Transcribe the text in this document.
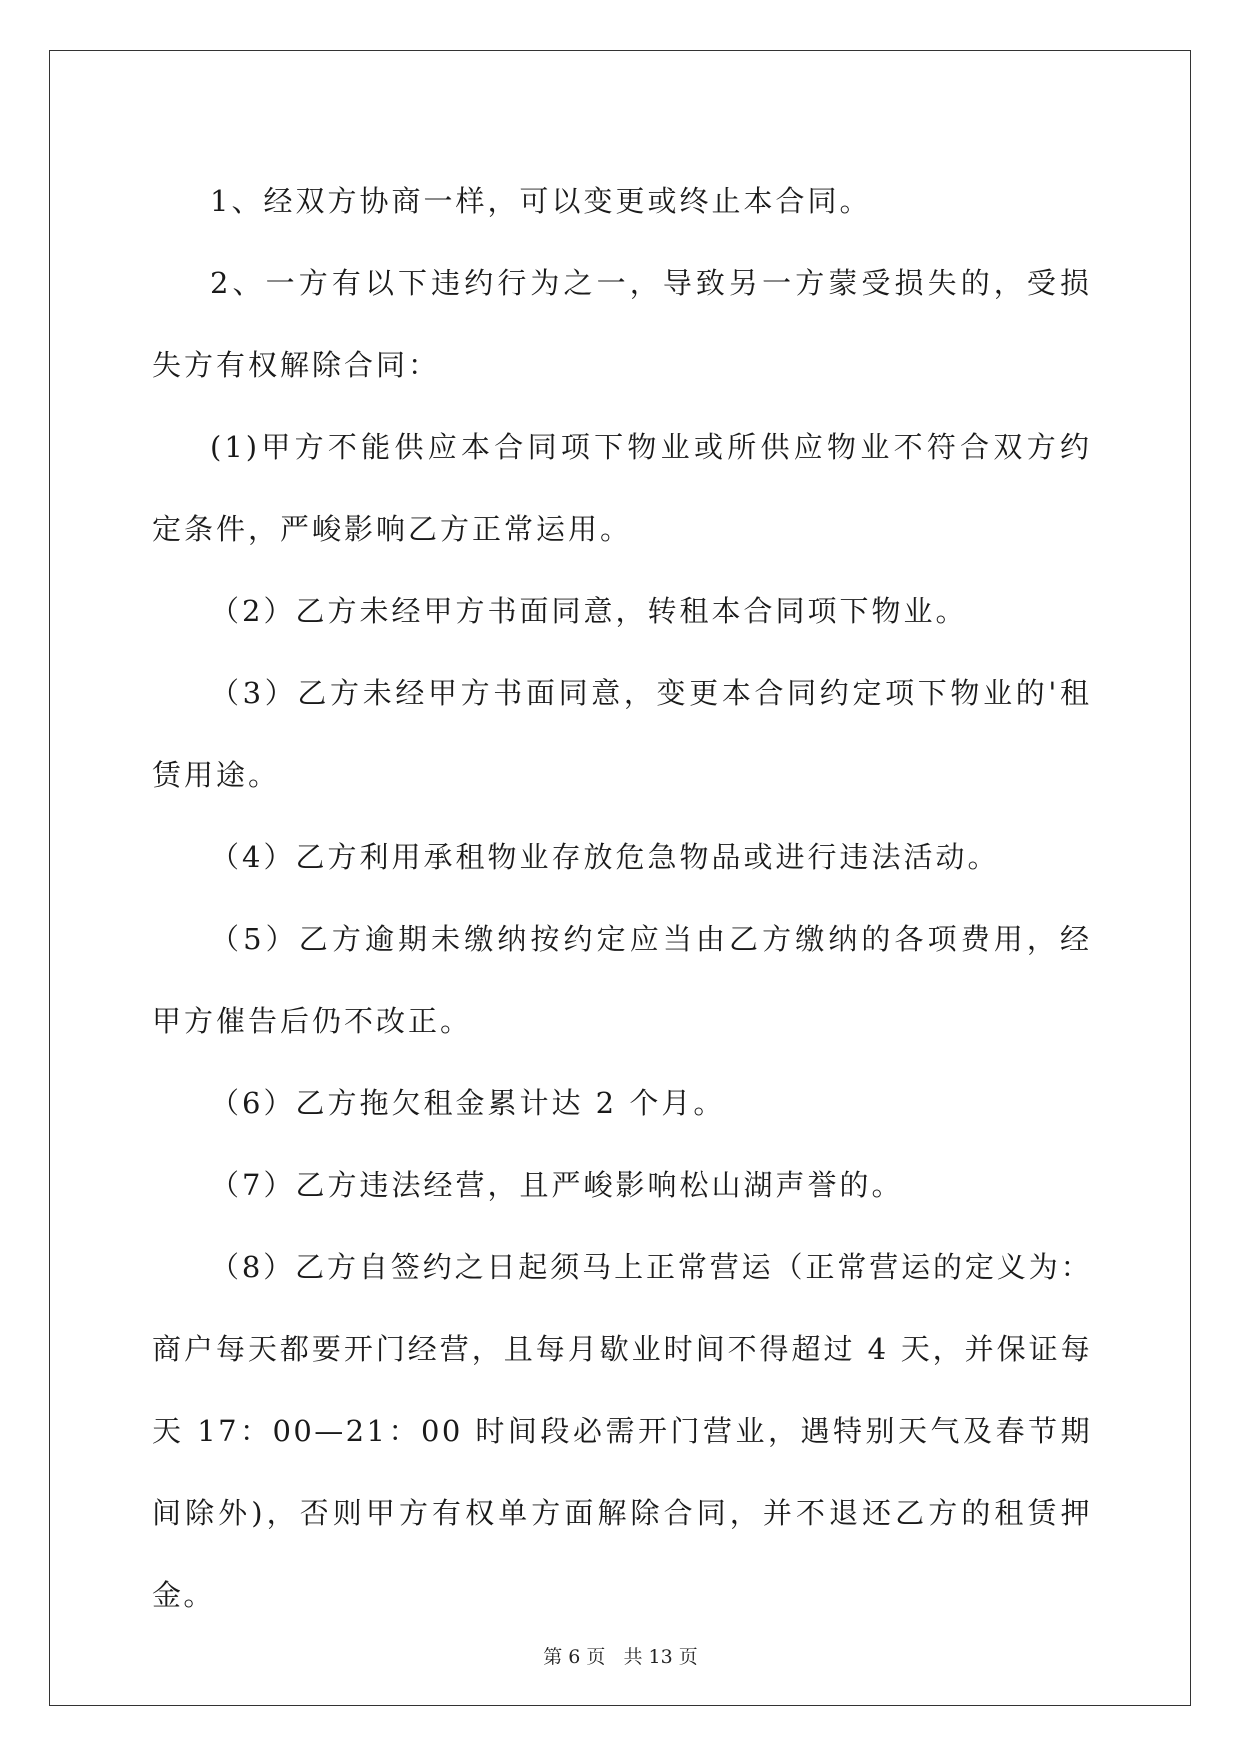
1、经双方协商一样，可以变更或终止本合同。

2、一方有以下违约行为之一，导致另一方蒙受损失的，受损失方有权解除合同：

(1)甲方不能供应本合同项下物业或所供应物业不符合双方约定条件，严峻影响乙方正常运用。

（2）乙方未经甲方书面同意，转租本合同项下物业。

（3）乙方未经甲方书面同意，变更本合同约定项下物业的'租赁用途。

（4）乙方利用承租物业存放危急物品或进行违法活动。

（5）乙方逾期未缴纳按约定应当由乙方缴纳的各项费用，经甲方催告后仍不改正。

（6）乙方拖欠租金累计达 2 个月。

（7）乙方违法经营，且严峻影响松山湖声誉的。

（8）乙方自签约之日起须马上正常营运（正常营运的定义为：商户每天都要开门经营，且每月歇业时间不得超过 4 天，并保证每天 17：00—21：00 时间段必需开门营业，遇特别天气及春节期间除外)，否则甲方有权单方面解除合同，并不退还乙方的租赁押金。

第 6 页 共 13 页
